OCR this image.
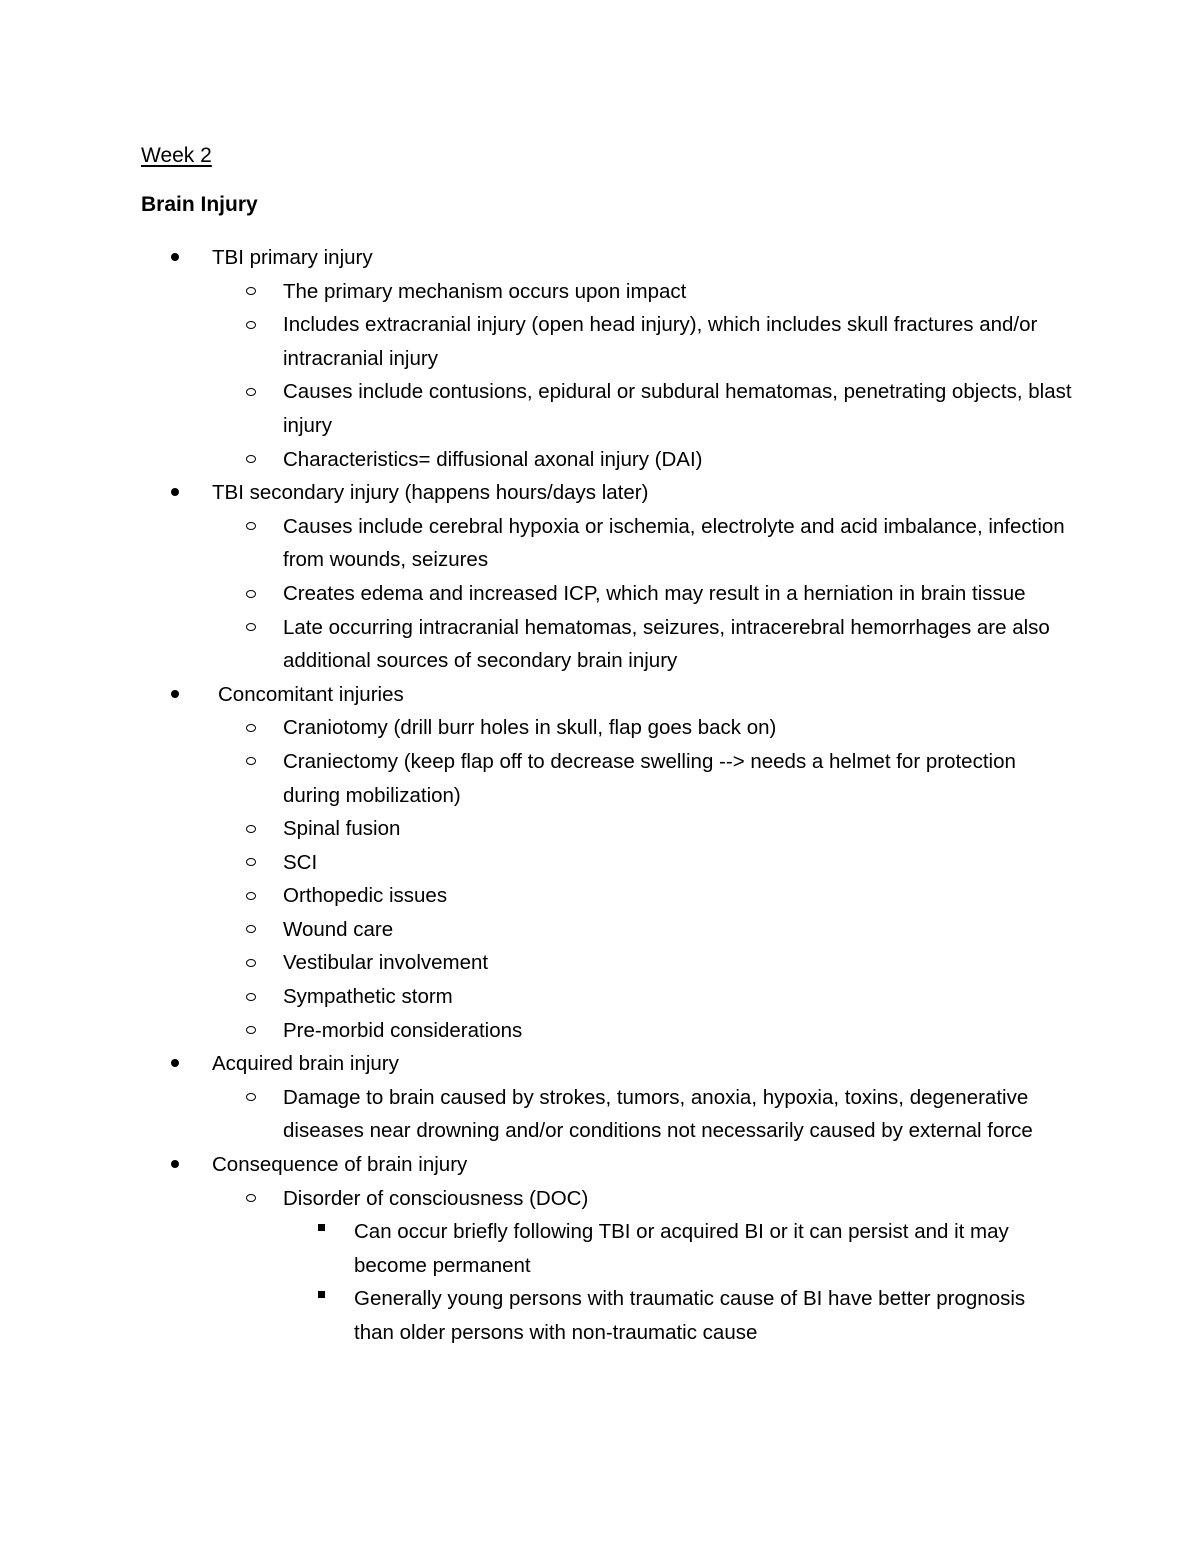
Week 2
Brain Injury
TBI primary injury
The primary mechanism occurs upon impact
Includes extracranial injury (open head injury), which includes skull fractures and/or intracranial injury
Causes include contusions, epidural or subdural hematomas, penetrating objects, blast injury
Characteristics= diffusional axonal injury (DAI)
TBI secondary injury (happens hours/days later)
Causes include cerebral hypoxia or ischemia, electrolyte and acid imbalance, infection from wounds, seizures
Creates edema and increased ICP, which may result in a herniation in brain tissue
Late occurring intracranial hematomas, seizures, intracerebral hemorrhages are also additional sources of secondary brain injury
Concomitant injuries
Craniotomy (drill burr holes in skull, flap goes back on)
Craniectomy (keep flap off to decrease swelling --> needs a helmet for protection during mobilization)
Spinal fusion
SCI
Orthopedic issues
Wound care
Vestibular involvement
Sympathetic storm
Pre-morbid considerations
Acquired brain injury
Damage to brain caused by strokes, tumors, anoxia, hypoxia, toxins, degenerative diseases near drowning and/or conditions not necessarily caused by external force
Consequence of brain injury
Disorder of consciousness (DOC)
Can occur briefly following TBI or acquired BI or it can persist and it may become permanent
Generally young persons with traumatic cause of BI have better prognosis than older persons with non-traumatic cause
